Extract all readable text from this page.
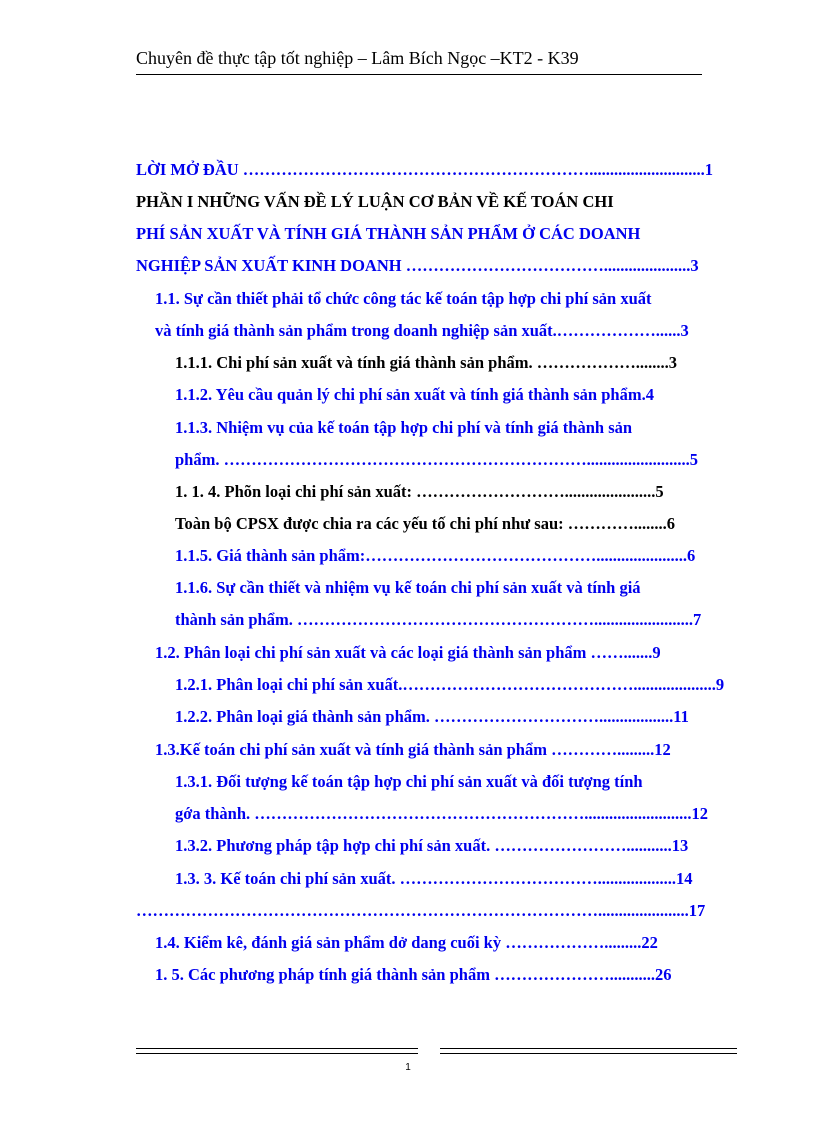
Chuyên đề thực tập tốt nghiệp – Lâm Bích Ngọc –KT2 - K39
LỜI MỞ ĐẦU ………………………………………………………............................1
PHẦN I NHỮNG VẤN ĐỀ LÝ LUẬN CƠ BẢN VỀ KẾ TOÁN CHI
PHÍ SẢN XUẤT VÀ TÍNH GIÁ THÀNH SẢN PHẨM Ở CÁC DOANH
NGHIỆP SẢN XUẤT KINH DOANH ……………………………….....................3
1.1. Sự cần thiết phải tổ chức công tác kế toán tập hợp chi phí sản xuất
và tính giá thành sản phẩm trong doanh nghiệp sản xuất.………………......3
1.1.1. Chi phí sản xuất và tính giá thành sản phẩm. ………………........3
1.1.2. Yêu cầu quản lý chi phí sản xuất và tính giá thành sản phẩm.4
1.1.3. Nhiệm vụ của kế toán tập hợp chi phí và tính giá thành sản
phẩm. ………………………………………………………….........................5
1. 1. 4. Phõn loại chi phí sản xuất: ………………………......................5
Toàn bộ CPSX được chia ra các yếu tố chi phí như sau: …………........6
1.1.5. Giá thành sản phẩm:……………………………………......................6
1.1.6. Sự cần thiết và nhiệm vụ kế toán chi phí sản xuất và tính giá
thành sản phẩm. ………………………………………………........................7
1.2. Phân loại chi phí sản xuất và các loại giá thành sản phẩm …….......9
1.2.1. Phân loại chi phí sản xuất.……………………………………....................9
1.2.2. Phân loại giá thành sản phẩm. …………………………..................11
1.3.Kế toán chi phí sản xuất và tính giá thành sản phẩm ………….........12
1.3.1. Đối tượng kế toán tập hợp chi phí sản xuất và đối tượng tính
gớa thành. ……………………………………………………..........................12
1.3.2. Phương pháp tập hợp chi phí sản xuất. ……………………...........13
1.3. 3. Kế toán chi phí sản xuất. ………………………………...................14
…………………………………………………………………………......................17
1.4. Kiểm kê, đánh giá sản phẩm dở dang cuối kỳ ……………….........22
1. 5. Các phương pháp tính giá thành sản phẩm …………………...........26
1
